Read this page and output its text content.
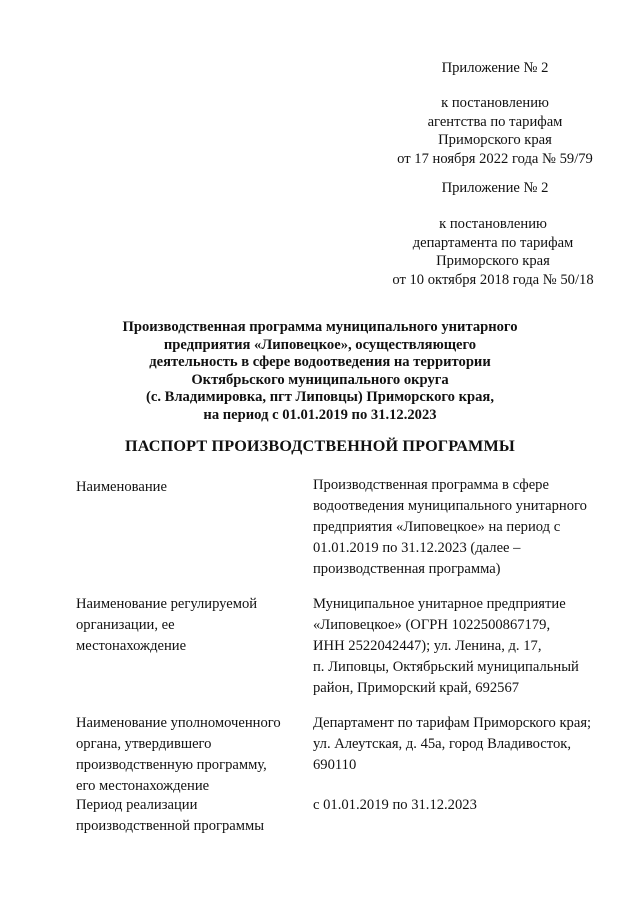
Приложение № 2
к постановлению
агентства по тарифам
Приморского края
от 17 ноября 2022 года № 59/79
Приложение № 2
к постановлению
департамента по тарифам
Приморского края
от 10 октября 2018 года № 50/18
Производственная программа муниципального унитарного
предприятия «Липовецкое», осуществляющего
деятельность в сфере водоотведения на территории
Октябрьского муниципального округа
(с. Владимировка, пгт Липовцы) Приморского края,
на период с 01.01.2019 по 31.12.2023
ПАСПОРТ ПРОИЗВОДСТВЕННОЙ ПРОГРАММЫ
Наименование	Производственная программа в сфере
водоотведения муниципального унитарного
предприятия «Липовецкое» на период с
01.01.2019 по 31.12.2023 (далее –
производственная программа)
Наименование регулируемой
организации, ее
местонахождение
Муниципальное унитарное предприятие
«Липовецкое» (ОГРН 1022500867179,
ИНН 2522042447); ул. Ленина, д. 17,
п. Липовцы, Октябрьский муниципальный
район, Приморский край, 692567
Наименование уполномоченного
органа, утвердившего
производственную программу,
его местонахождение
Департамент по тарифам Приморского края;
ул. Алеутская, д. 45а, город Владивосток,
690110
Период реализации
производственной программы
с 01.01.2019 по 31.12.2023
